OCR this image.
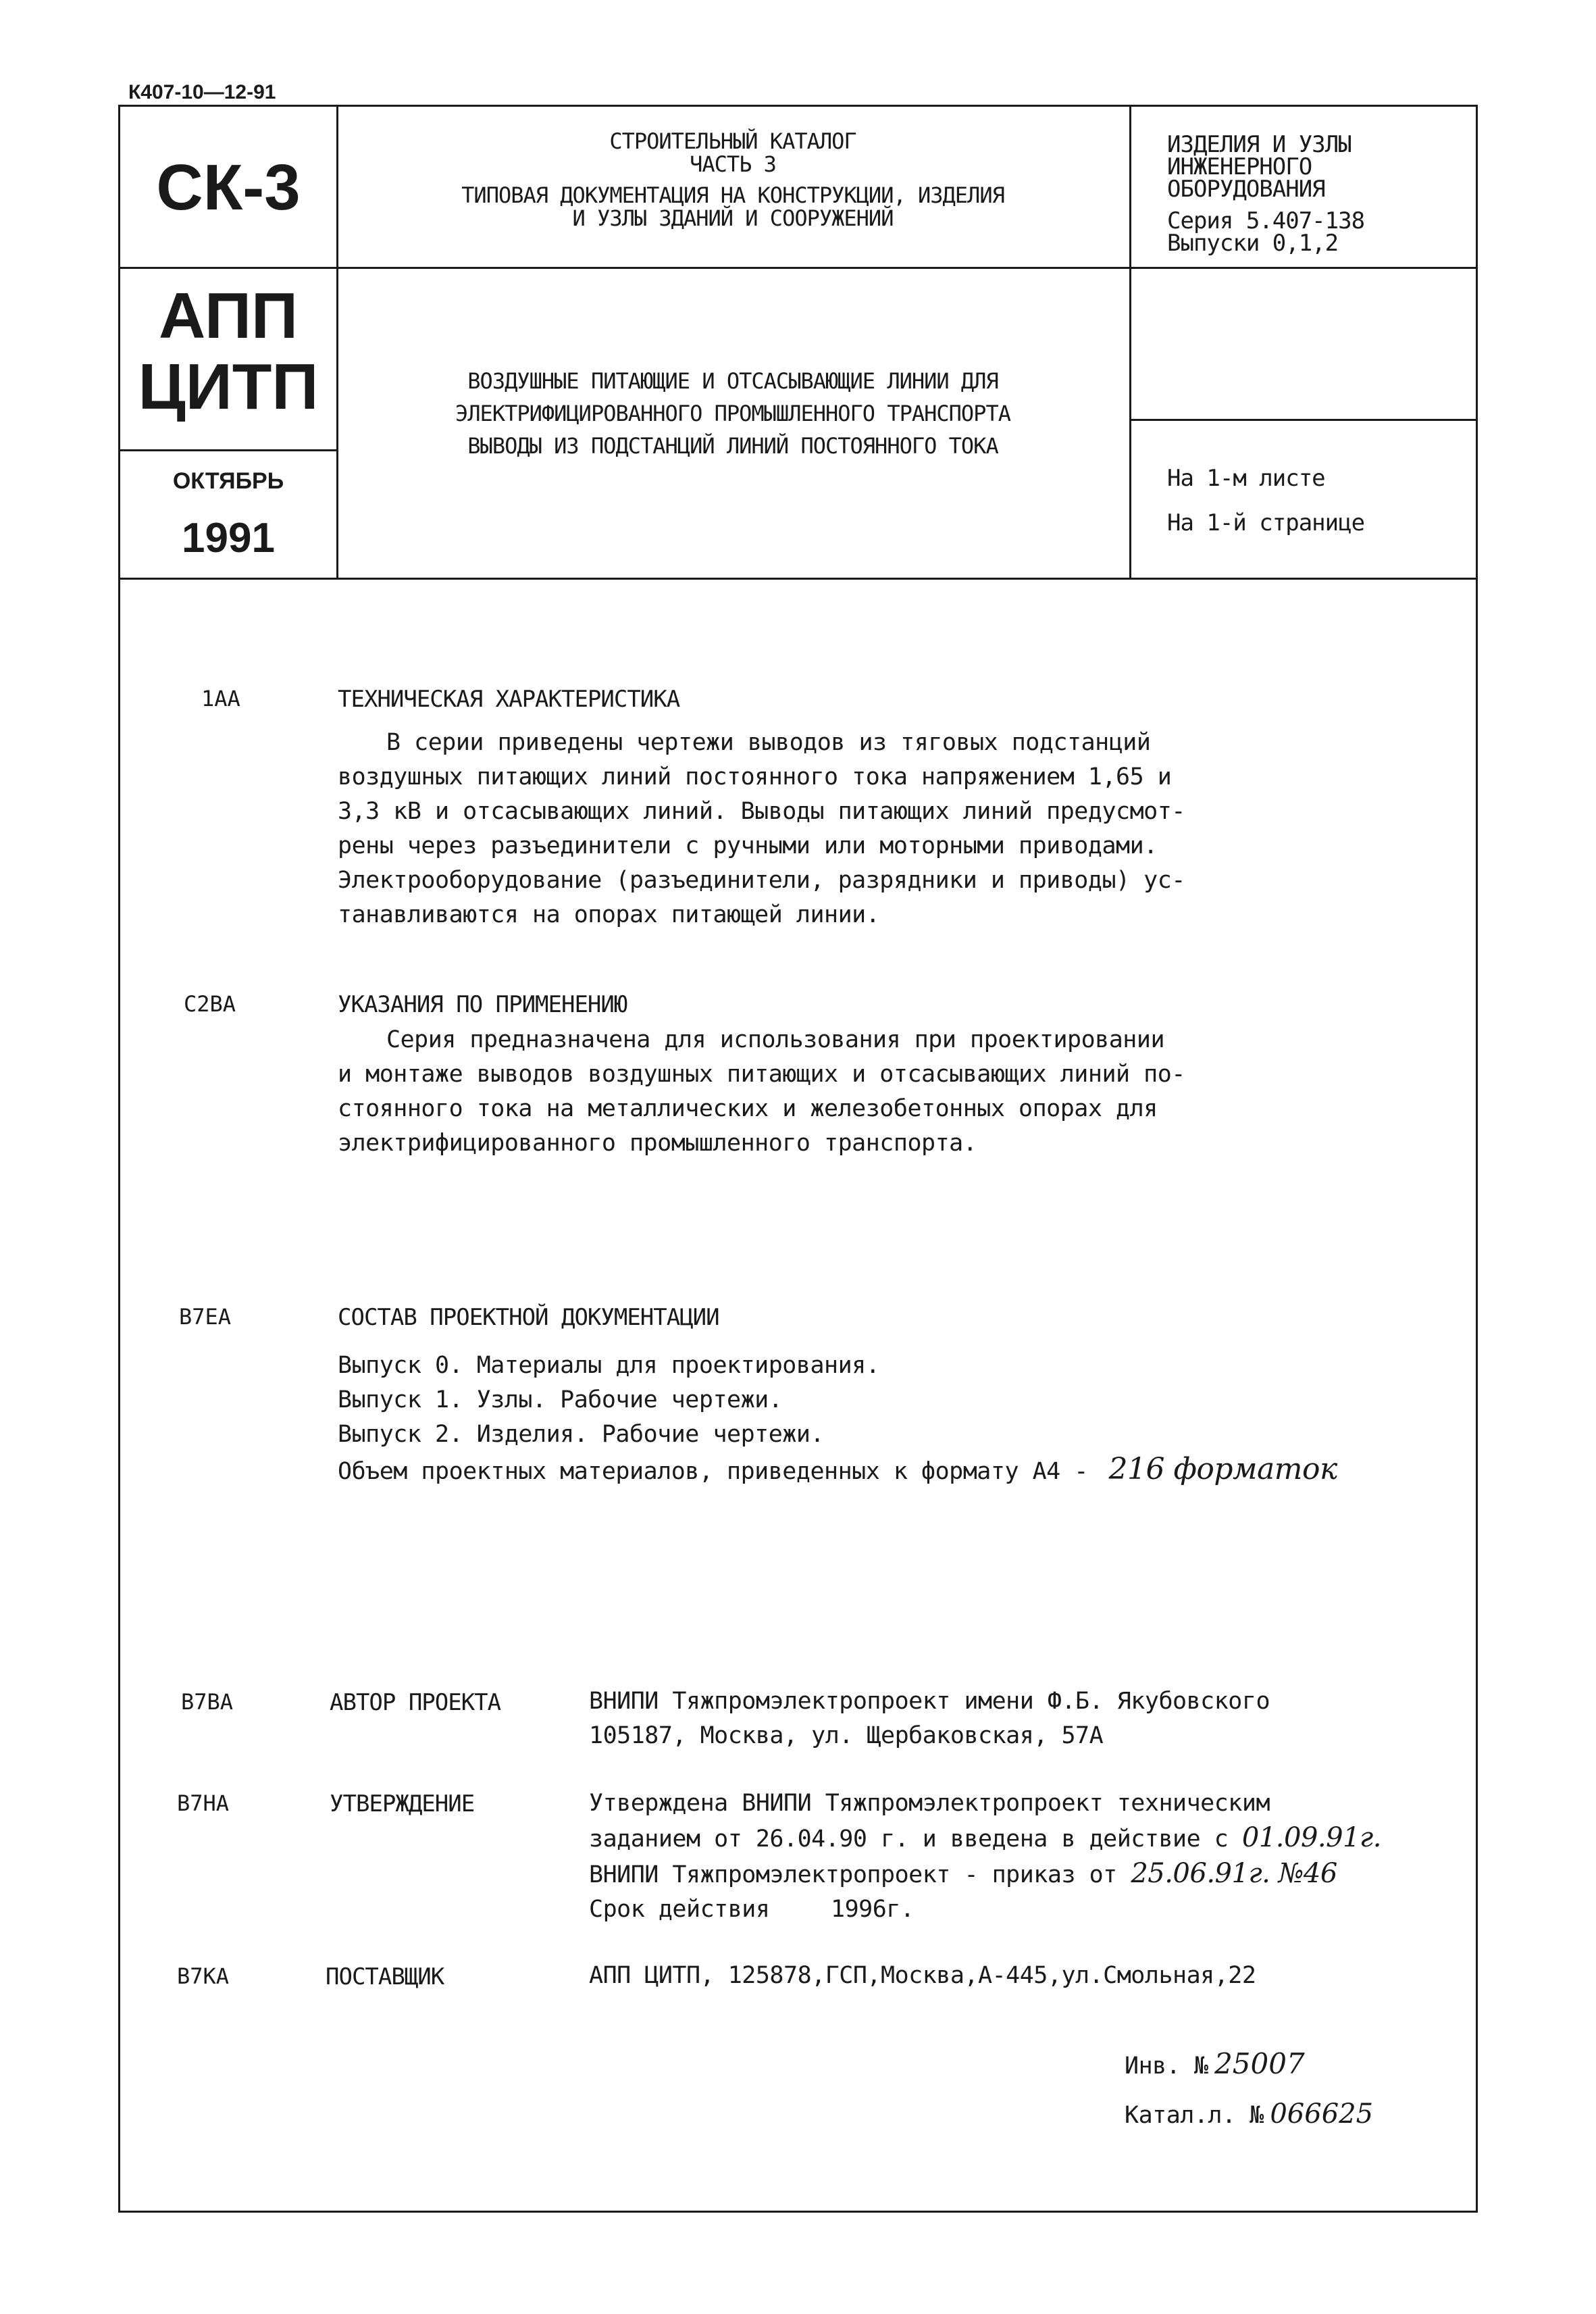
К407-10—12-91
СК-3
АПП
ЦИТП
ОКТЯБРЬ
1991
СТРОИТЕЛЬНЫЙ КАТАЛОГ
ЧАСТЬ 3
ТИПОВАЯ ДОКУМЕНТАЦИЯ НА КОНСТРУКЦИИ, ИЗДЕЛИЯ
И УЗЛЫ ЗДАНИЙ И СООРУЖЕНИЙ
ИЗДЕЛИЯ И УЗЛЫ
ИНЖЕНЕРНОГО
ОБОРУДОВАНИЯ
Серия 5.407-138
Выпуски 0,1,2
ВОЗДУШНЫЕ ПИТАЮЩИЕ И ОТСАСЫВАЮЩИЕ ЛИНИИ ДЛЯ
ЭЛЕКТРИФИЦИРОВАННОГО ПРОМЫШЛЕННОГО ТРАНСПОРТА
ВЫВОДЫ ИЗ ПОДСТАНЦИЙ ЛИНИЙ ПОСТОЯННОГО ТОКА
На 1-м листе
На 1-й странице
1АА	ТЕХНИЧЕСКАЯ ХАРАКТЕРИСТИКА
В серии приведены чертежи выводов из тяговых подстанций
воздушных питающих линий постоянного тока напряжением 1,65 и
3,3 кВ и отсасывающих линий. Выводы питающих линий предусмот-
рены через разъединители с ручными или моторными приводами.
Электрооборудование (разъединители, разрядники и приводы) ус-
танавливаются на опорах питающей линии.
С2ВА	УКАЗАНИЯ ПО ПРИМЕНЕНИЮ
Серия предназначена для использования при проектировании
и монтаже выводов воздушных питающих и отсасывающих линий по-
стоянного тока на металлических и железобетонных опорах для
электрифицированного промышленного транспорта.
В7ЕА	СОСТАВ ПРОЕКТНОЙ ДОКУМЕНТАЦИИ
Выпуск 0. Материалы для проектирования.
Выпуск 1. Узлы. Рабочие чертежи.
Выпуск 2. Изделия. Рабочие чертежи.
Объем проектных материалов, приведенных к формату А4 - 216 форматок
В7ВА	АВТОР ПРОЕКТА	ВНИПИ Тяжпромэлектропроект имени Ф.Б. Якубовского
105187, Москва, ул. Щербаковская, 57А
В7НА	УТВЕРЖДЕНИЕ	Утверждена ВНИПИ Тяжпромэлектропроект техническим
заданием от 26.04.90 г. и введена в действие с 01.09.91г.
ВНИПИ Тяжпромэлектропроект - приказ от 25.06.91г. №46
Срок действия	1996г.
В7КА	ПОСТАВЩИК	АПП ЦИТП, 125878,ГСП,Москва,А-445,ул.Смольная,22
Инв. № 25007
Катал.л. № 066625
